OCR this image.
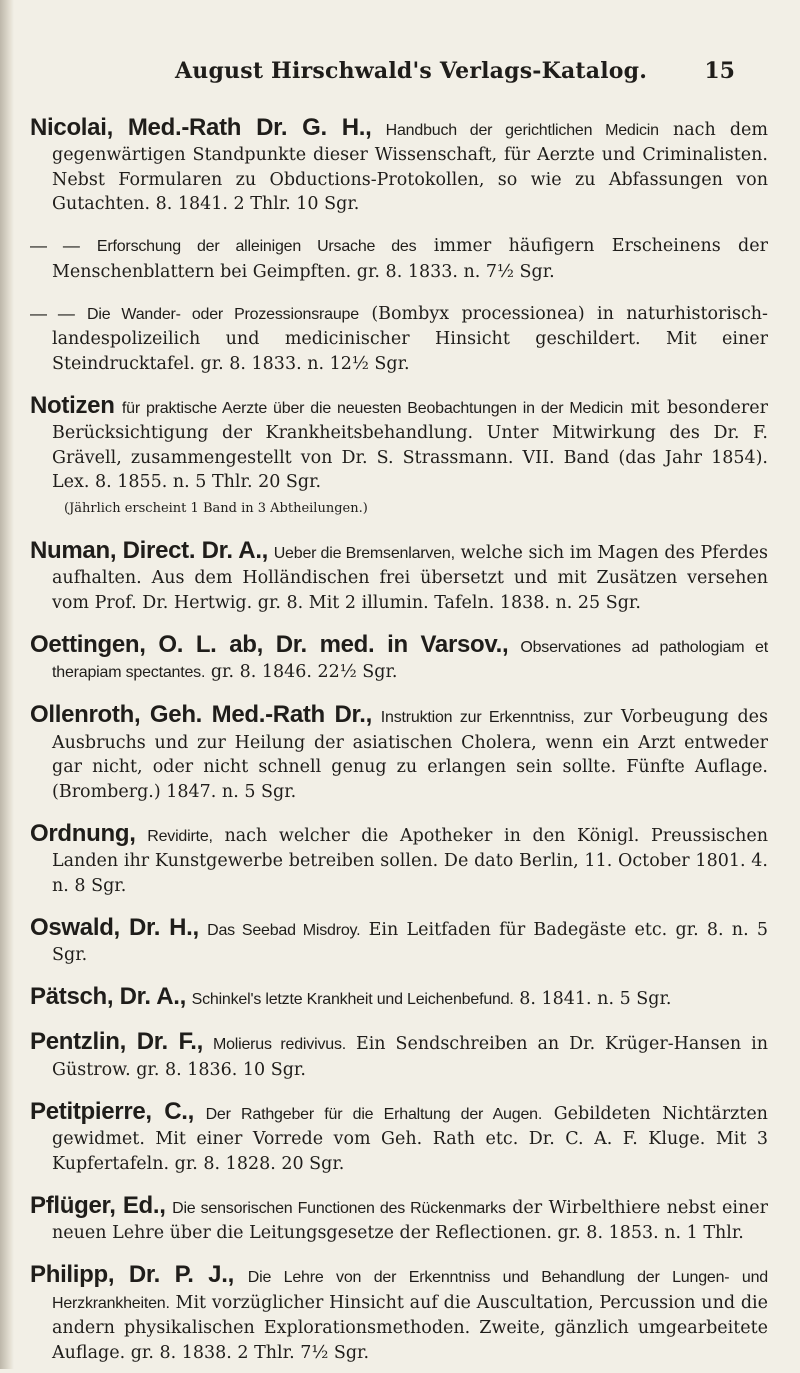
August Hirschwald's Verlags-Katalog.	15

Nicolai, Med.-Rath Dr. G. H., Handbuch der gerichtlichen Medicin nach dem gegenwärtigen Standpunkte dieser Wissenschaft, für Aerzte und Criminalisten. Nebst Formularen zu Obductions-Protokollen, so wie zu Abfassungen von Gutachten. 8. 1841. 2 Thlr. 10 Sgr.

— — Erforschung der alleinigen Ursache des immer häufigern Erscheinens der Menschenblattern bei Geimpften. gr. 8. 1833. n. 7½ Sgr.

— — Die Wander- oder Prozessionsraupe (Bombyx processionea) in naturhistorisch-landespolizeilich und medicinischer Hinsicht geschildert. Mit einer Steindrucktafel. gr. 8. 1833. n. 12½ Sgr.

Notizen für praktische Aerzte über die neuesten Beobachtungen in der Medicin mit besonderer Berücksichtigung der Krankheitsbehandlung. Unter Mitwirkung des Dr. F. Grävell, zusammengestellt von Dr. S. Strassmann. VII. Band (das Jahr 1854). Lex. 8. 1855. n. 5 Thlr. 20 Sgr.
(Jährlich erscheint 1 Band in 3 Abtheilungen.)

Numan, Direct. Dr. A., Ueber die Bremsenlarven, welche sich im Magen des Pferdes aufhalten. Aus dem Holländischen frei übersetzt und mit Zusätzen versehen vom Prof. Dr. Hertwig. gr. 8. Mit 2 illumin. Tafeln. 1838. n. 25 Sgr.

Oettingen, O. L. ab, Dr. med. in Varsov., Observationes ad pathologiam et therapiam spectantes. gr. 8. 1846. 22½ Sgr.

Ollenroth, Geh. Med.-Rath Dr., Instruktion zur Erkenntniss, zur Vorbeugung des Ausbruchs und zur Heilung der asiatischen Cholera, wenn ein Arzt entweder gar nicht, oder nicht schnell genug zu erlangen sein sollte. Fünfte Auflage. (Bromberg.) 1847. n. 5 Sgr.

Ordnung, Revidirte, nach welcher die Apotheker in den Königl. Preussischen Landen ihr Kunstgewerbe betreiben sollen. De dato Berlin, 11. October 1801. 4. n. 8 Sgr.

Oswald, Dr. H., Das Seebad Misdroy. Ein Leitfaden für Badegäste etc. gr. 8. n. 5 Sgr.

Pätsch, Dr. A., Schinkel's letzte Krankheit und Leichenbefund. 8. 1841. n. 5 Sgr.

Pentzlin, Dr. F., Molierus redivivus. Ein Sendschreiben an Dr. Krüger-Hansen in Güstrow. gr. 8. 1836. 10 Sgr.

Petitpierre, C., Der Rathgeber für die Erhaltung der Augen. Gebildeten Nichtärzten gewidmet. Mit einer Vorrede vom Geh. Rath etc. Dr. C. A. F. Kluge. Mit 3 Kupfertafeln. gr. 8. 1828. 20 Sgr.

Pflüger, Ed., Die sensorischen Functionen des Rückenmarks der Wirbelthiere nebst einer neuen Lehre über die Leitungsgesetze der Reflectionen. gr. 8. 1853. n. 1 Thlr.

Philipp, Dr. P. J., Die Lehre von der Erkenntniss und Behandlung der Lungen- und Herzkrankheiten. Mit vorzüglicher Hinsicht auf die Auscultation, Percussion und die andern physikalischen Explorationsmethoden. Zweite, gänzlich umgearbeitete Auflage. gr. 8. 1838. 2 Thlr. 7½ Sgr.
